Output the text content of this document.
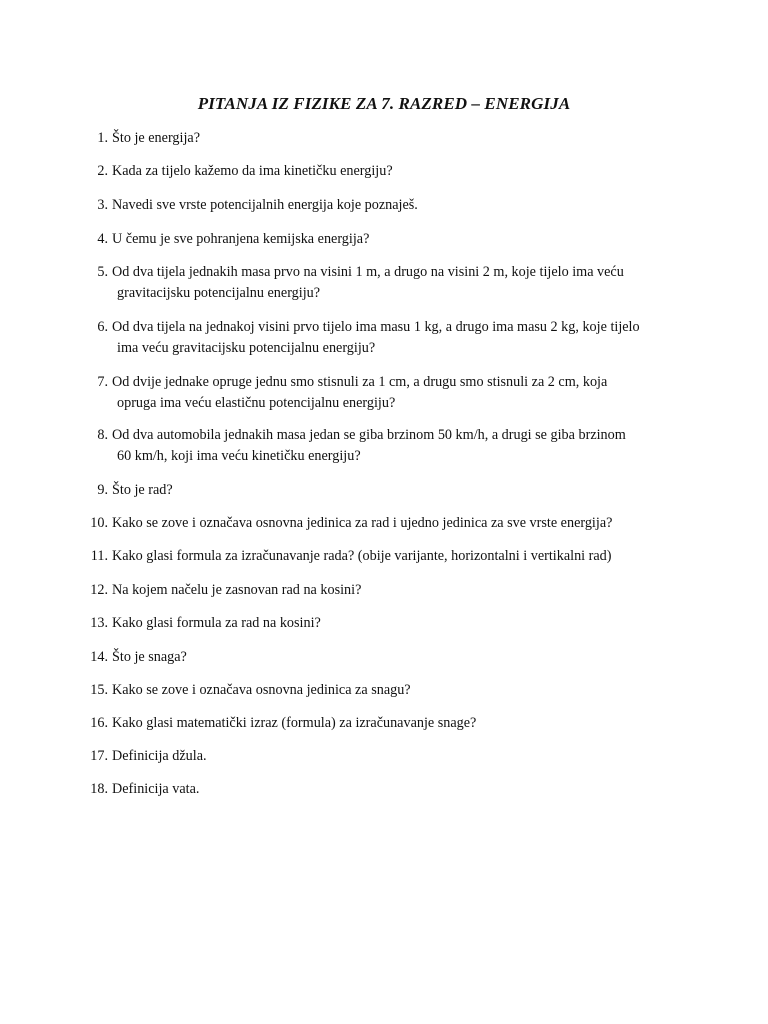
PITANJA IZ FIZIKE ZA 7. RAZRED – ENERGIJA
1. Što je energija?
2. Kada za tijelo kažemo da ima kinetičku energiju?
3. Navedi sve vrste potencijalnih energija koje poznaješ.
4. U čemu je sve pohranjena kemijska energija?
5. Od dva tijela jednakih masa prvo na visini 1 m, a drugo na visini 2 m, koje tijelo ima veću
gravitacijsku potencijalnu energiju?
6. Od dva tijela na jednakoj visini prvo tijelo ima masu 1 kg, a drugo ima masu 2 kg, koje tijelo
ima veću gravitacijsku potencijalnu energiju?
7. Od dvije jednake opruge jednu smo stisnuli za 1 cm, a drugu smo stisnuli za 2 cm, koja
opruga ima veću elastičnu potencijalnu energiju?
8. Od dva automobila jednakih masa jedan se giba brzinom 50 km/h, a drugi se giba brzinom
60 km/h, koji ima veću kinetičku energiju?
9. Što je rad?
10. Kako se zove i označava osnovna jedinica za rad i ujedno jedinica za sve vrste energija?
11. Kako glasi formula za izračunavanje rada? (obije varijante, horizontalni i vertikalni rad)
12. Na kojem načelu je zasnovan rad na kosini?
13. Kako glasi formula za rad na kosini?
14. Što je snaga?
15. Kako se zove i označava osnovna jedinica za snagu?
16. Kako glasi matematički izraz (formula) za izračunavanje snage?
17. Definicija džula.
18. Definicija vata.
